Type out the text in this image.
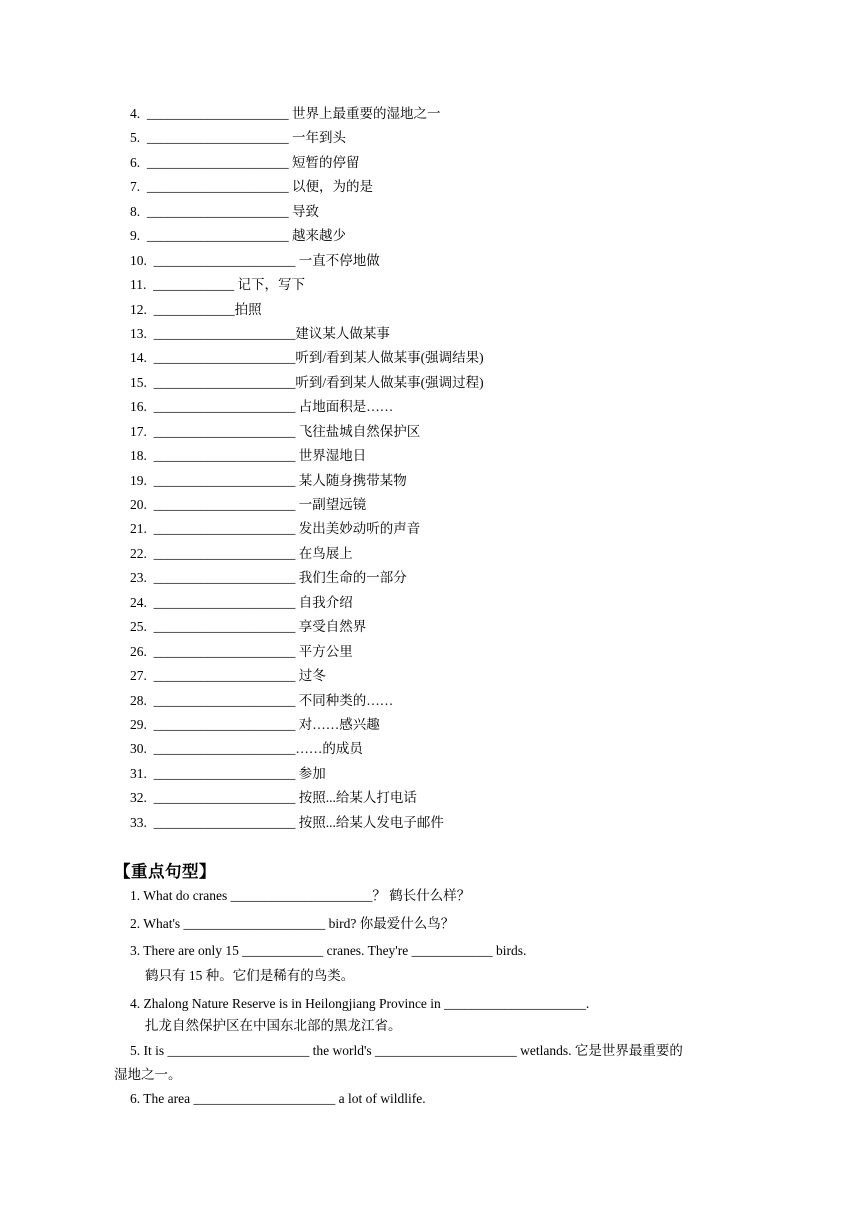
4. _____________________ 世界上最重要的湿地之一
5. _____________________ 一年到头
6. _____________________ 短暂的停留
7. _____________________ 以便，为的是
8. _____________________ 导致
9. _____________________ 越来越少
10. _____________________ 一直不停地做
11. ____________ 记下，写下
12. ____________拍照
13. _____________________建议某人做某事
14. _____________________听到/看到某人做某事(强调结果)
15. _____________________听到/看到某人做某事(强调过程)
16. _____________________ 占地面积是……
17. _____________________ 飞往盐城自然保护区
18. _____________________ 世界湿地日
19. _____________________ 某人随身携带某物
20. _____________________ 一副望远镜
21. _____________________ 发出美妙动听的声音
22. _____________________ 在鸟展上
23. _____________________ 我们生命的一部分
24. _____________________ 自我介绍
25. _____________________ 享受自然界
26. _____________________ 平方公里
27. _____________________ 过冬
28. _____________________ 不同种类的……
29. _____________________ 对……感兴趣
30. _____________________……的成员
31. _____________________ 参加
32. _____________________ 按照...给某人打电话
33. _____________________ 按照...给某人发电子邮件
【重点句型】
1. What do cranes _____________________？ 鹤长什么样？
2. What's _____________________ bird? 你最爱什么鸟？
3. There are only 15 ____________ cranes. They're ____________ birds.
鹤只有 15 种。它们是稀有的鸟类。
4. Zhalong Nature Reserve is in Heilongjiang Province in _____________________.
扎龙自然保护区在中国东北部的黑龙江省。
5. It is _____________________ the world's _____________________ wetlands. 它是世界最重要的
湿地之一。
6. The area _____________________ a lot of wildlife.
